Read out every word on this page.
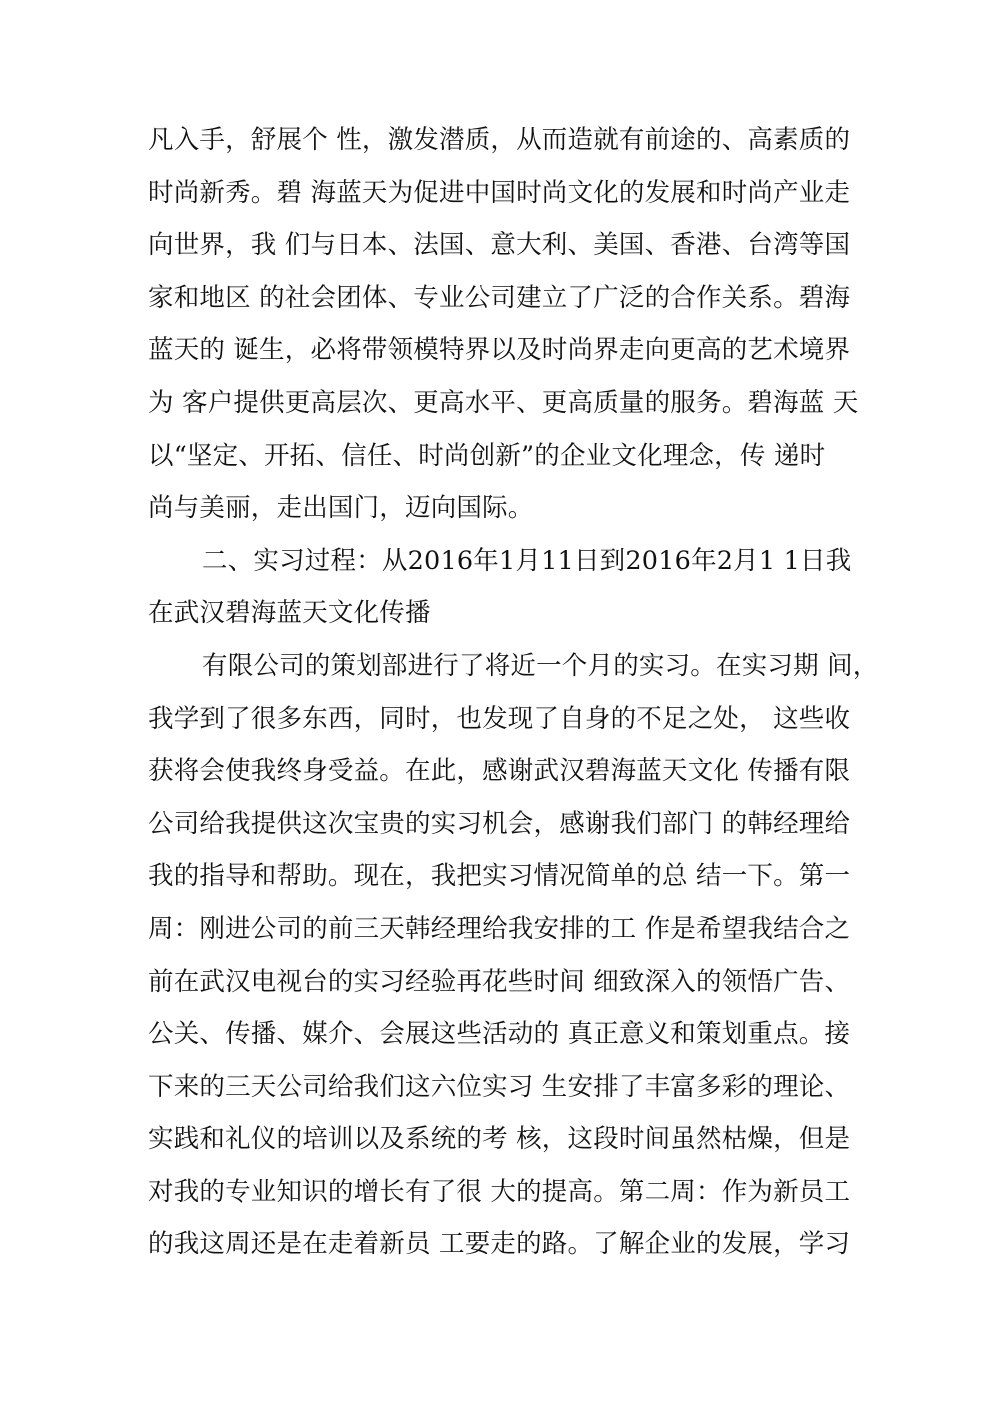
凡入手，舒展个 性，激发潜质，从而造就有前途的、高素质的
时尚新秀。碧 海蓝天为促进中国时尚文化的发展和时尚产业走
向世界，我 们与日本、法国、意大利、美国、香港、台湾等国
家和地区 的社会团体、专业公司建立了广泛的合作关系。碧海
蓝天的 诞生，必将带领模特界以及时尚界走向更高的艺术境界
为 客户提供更高层次、更高水平、更高质量的服务。碧海蓝 天
以“坚定、开拓、信任、时尚创新”的企业文化理念，传 递时
尚与美丽，走出国门，迈向国际。
二、实习过程：从2016年1月11日到2016年2月1 1日我
在武汉碧海蓝天文化传播
有限公司的策划部进行了将近一个月的实习。在实习期 间，
我学到了很多东西，同时，也发现了自身的不足之处， 这些收
获将会使我终身受益。在此，感谢武汉碧海蓝天文化 传播有限
公司给我提供这次宝贵的实习机会，感谢我们部门 的韩经理给
我的指导和帮助。现在，我把实习情况简单的总 结一下。第一
周：刚进公司的前三天韩经理给我安排的工 作是希望我结合之
前在武汉电视台的实习经验再花些时间 细致深入的领悟广告、
公关、传播、媒介、会展这些活动的 真正意义和策划重点。接
下来的三天公司给我们这六位实习 生安排了丰富多彩的理论、
实践和礼仪的培训以及系统的考 核，这段时间虽然枯燥，但是
对我的专业知识的增长有了很 大的提高。第二周：作为新员工
的我这周还是在走着新员 工要走的路。了解企业的发展，学习
